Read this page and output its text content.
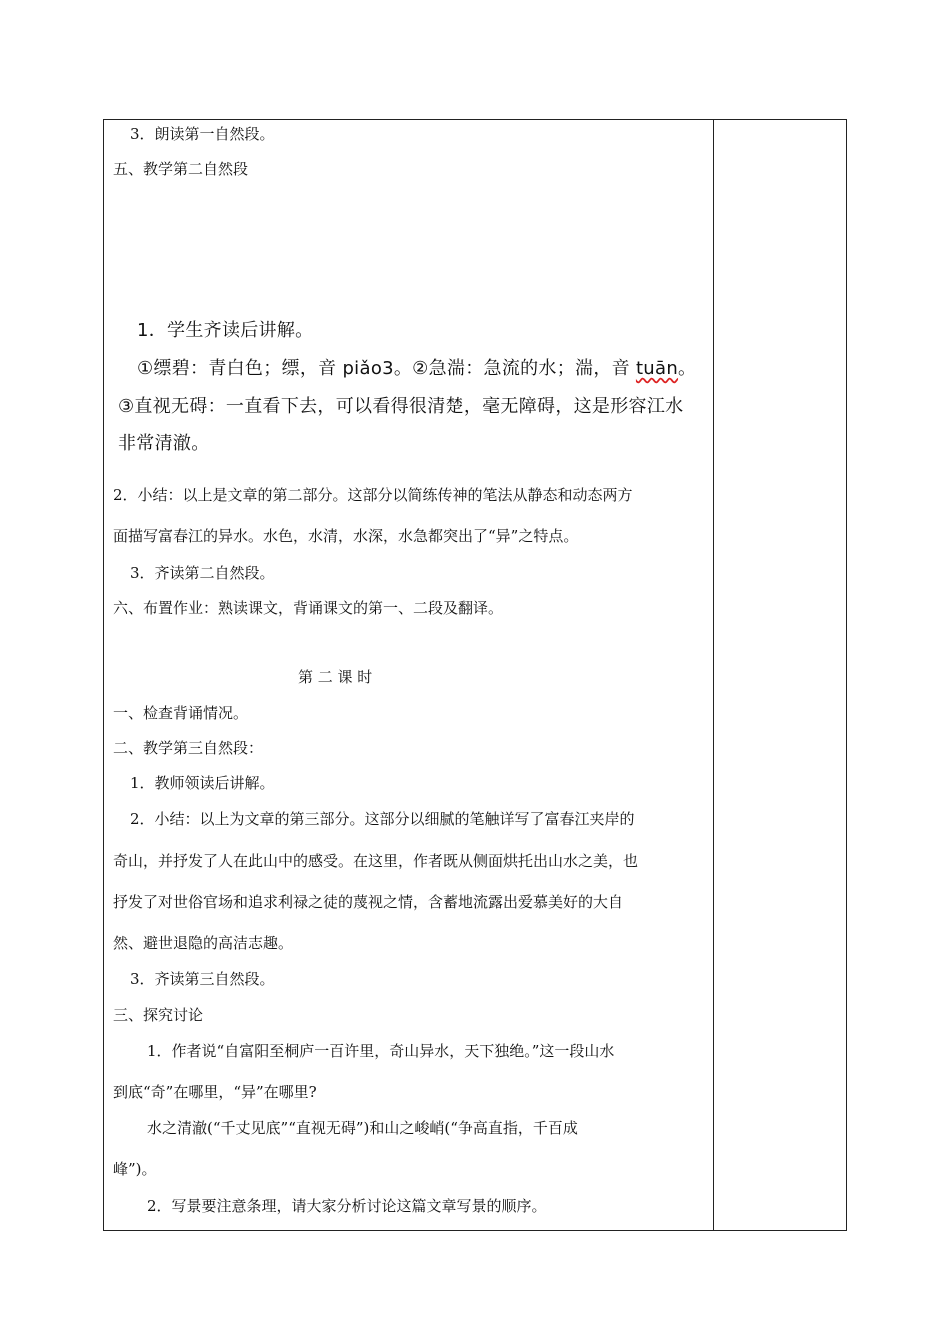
3．朗读第一自然段。
五、教学第二自然段
1．学生齐读后讲解。
①缥碧：青白色；缥，音 piǎo3。②急湍：急流的水；湍，音 tuān。
③直视无碍：一直看下去，可以看得很清楚，毫无障碍，这是形容江水
非常清澈。
2．小结：以上是文章的第二部分。这部分以简练传神的笔法从静态和动态两方
面描写富春江的异水。水色，水清，水深，水急都突出了“异”之特点。
3．齐读第二自然段。
六、布置作业：熟读课文，背诵课文的第一、二段及翻译。
第 二 课 时
一、检查背诵情况。
二、教学第三自然段：
1．教师领读后讲解。
2．小结：以上为文章的第三部分。这部分以细腻的笔触详写了富春江夹岸的
奇山，并抒发了人在此山中的感受。在这里，作者既从侧面烘托出山水之美，也
抒发了对世俗官场和追求利禄之徒的蔑视之情，含蓄地流露出爱慕美好的大自
然、避世退隐的高洁志趣。
3．齐读第三自然段。
三、探究讨论
1．作者说“自富阳至桐庐一百许里，奇山异水，天下独绝。”这一段山水
到底“奇”在哪里，“异”在哪里?
水之清澈(“千丈见底”“直视无碍”)和山之峻峭(“争高直指，千百成
峰”)。
2．写景要注意条理，请大家分析讨论这篇文章写景的顺序。
